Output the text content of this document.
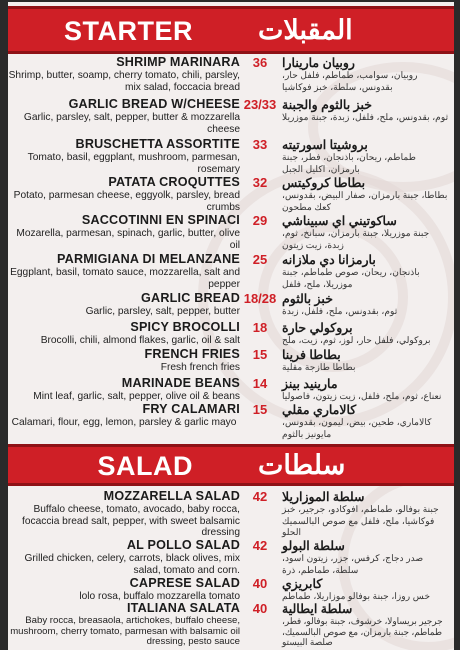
STARTER المقبلات
SHRIMP MARINARA
Shrimp, butter, soamp, cherry tomato, chili, parsley, mix salad, foccacia bread
36	روبيان مارينارا
روبيان، سوامب، طماطم، فلفل حار، بقدونس، سلطة، خبز فوكاشيا
GARLIC BREAD W/CHEESE
Garlic, parsley, salt, pepper, butter & mozzarella cheese
23/33 خبز بالثوم والجبنة
ثوم، بقدونس، ملح، فلفل، زبدة، جبنة موزريلا
BRUSCHETTA ASSORTITE
Tomato, basil, eggplant, mushroom, parmesan, rosemary
33	بروشيتا اسورتيته
طماطم، ريحان، باذنجان، فطر، جبنة بارمزان، اكليل الجبل
PATATA CROQUTTES
Potato, parmesan cheese, eggyolk, parsley, bread crumbs
32	بطاطا كروكيتس
بطاطا، جبنة بارمزان، صفار البيض، بقدونس، كعك مطحون
SACCOTINNI EN SPINACI
Mozarella, parmesan, spinach, garlic, butter, olive oil
29	ساكوتيني اي سبيناشي
جبنة موزريلا، جبنة بارمزان، سبانخ، ثوم، زبدة، زيت زيتون
PARMIGIANA DI MELANZANE
Eggplant, basil, tomato sauce, mozzarella, salt and pepper
25	بارمزانا دي ملازانه
باذنجان، ريحان، صوص طماطم، جبنة موزريلا، ملح، فلفل
GARLIC BREAD
Garlic, parsley, salt, pepper, butter
18/28 خبز بالثوم
ثوم، بقدونس، ملح، فلفل، زبدة
SPICY BROCOLLI
Brocolli, chili, almond flakes, garlic, oil & salt
18	بروكولي حارة
بروكولي، فلفل حار، لوز، ثوم، زيت، ملح
FRENCH FRIES
Fresh french fries
15	بطاطا فرينا
بطاطا طازجة مقلية
MARINADE BEANS
Mint leaf, garlic, salt, pepper, olive oil & beans
14	مارينيد بينز
نعناع، ثوم، ملح، فلفل، زيت زيتون، فاصوليا
FRY CALAMARI
Calamari, flour, egg, lemon, parsley & garlic mayo
15	كالاماري مقلي
كالاماري، طحين، بيض، ليمون، بقدونس، مايونيز بالثوم
SALAD سلطات
MOZZARELLA SALAD
Buffalo cheese, tomato, avocado, baby rocca, focaccia bread salt, pepper, with sweet balsamic dressing
42	سلطة الموزاريلا
جبنة بوفالو، طماطم، افوكادو، جرجير، خبز فوكاشيا، ملح، فلفل مع صوص البالسميك الحلو
AL POLLO SALAD
Grilled chicken, celery, carrots, black olives, mix salad, tomato and corn.
42	سلطة البولو
صدر دجاج، كرفس، جزر، زيتون اسود، سلطة، طماطم، ذرة
CAPRESE SALAD
lolo rosa, buffalo mozzarella tomato
40	كابريزي
خس روزا، جبنة بوفالو موزاريلا، طماطم
ITALIANA SALATA
Baby rocca, breasaola, artichokes, buffalo cheese, mushroom, cherry tomato, parmesan with balsamic oil dressing, pesto sauce
40	سلطة ايطالية
جرجير بريساولا، خرشوف، جبنة بوفالو، فطر، طماطم، جبنة بارمزان، مع صوص البالسميك، صلصة البيستو
